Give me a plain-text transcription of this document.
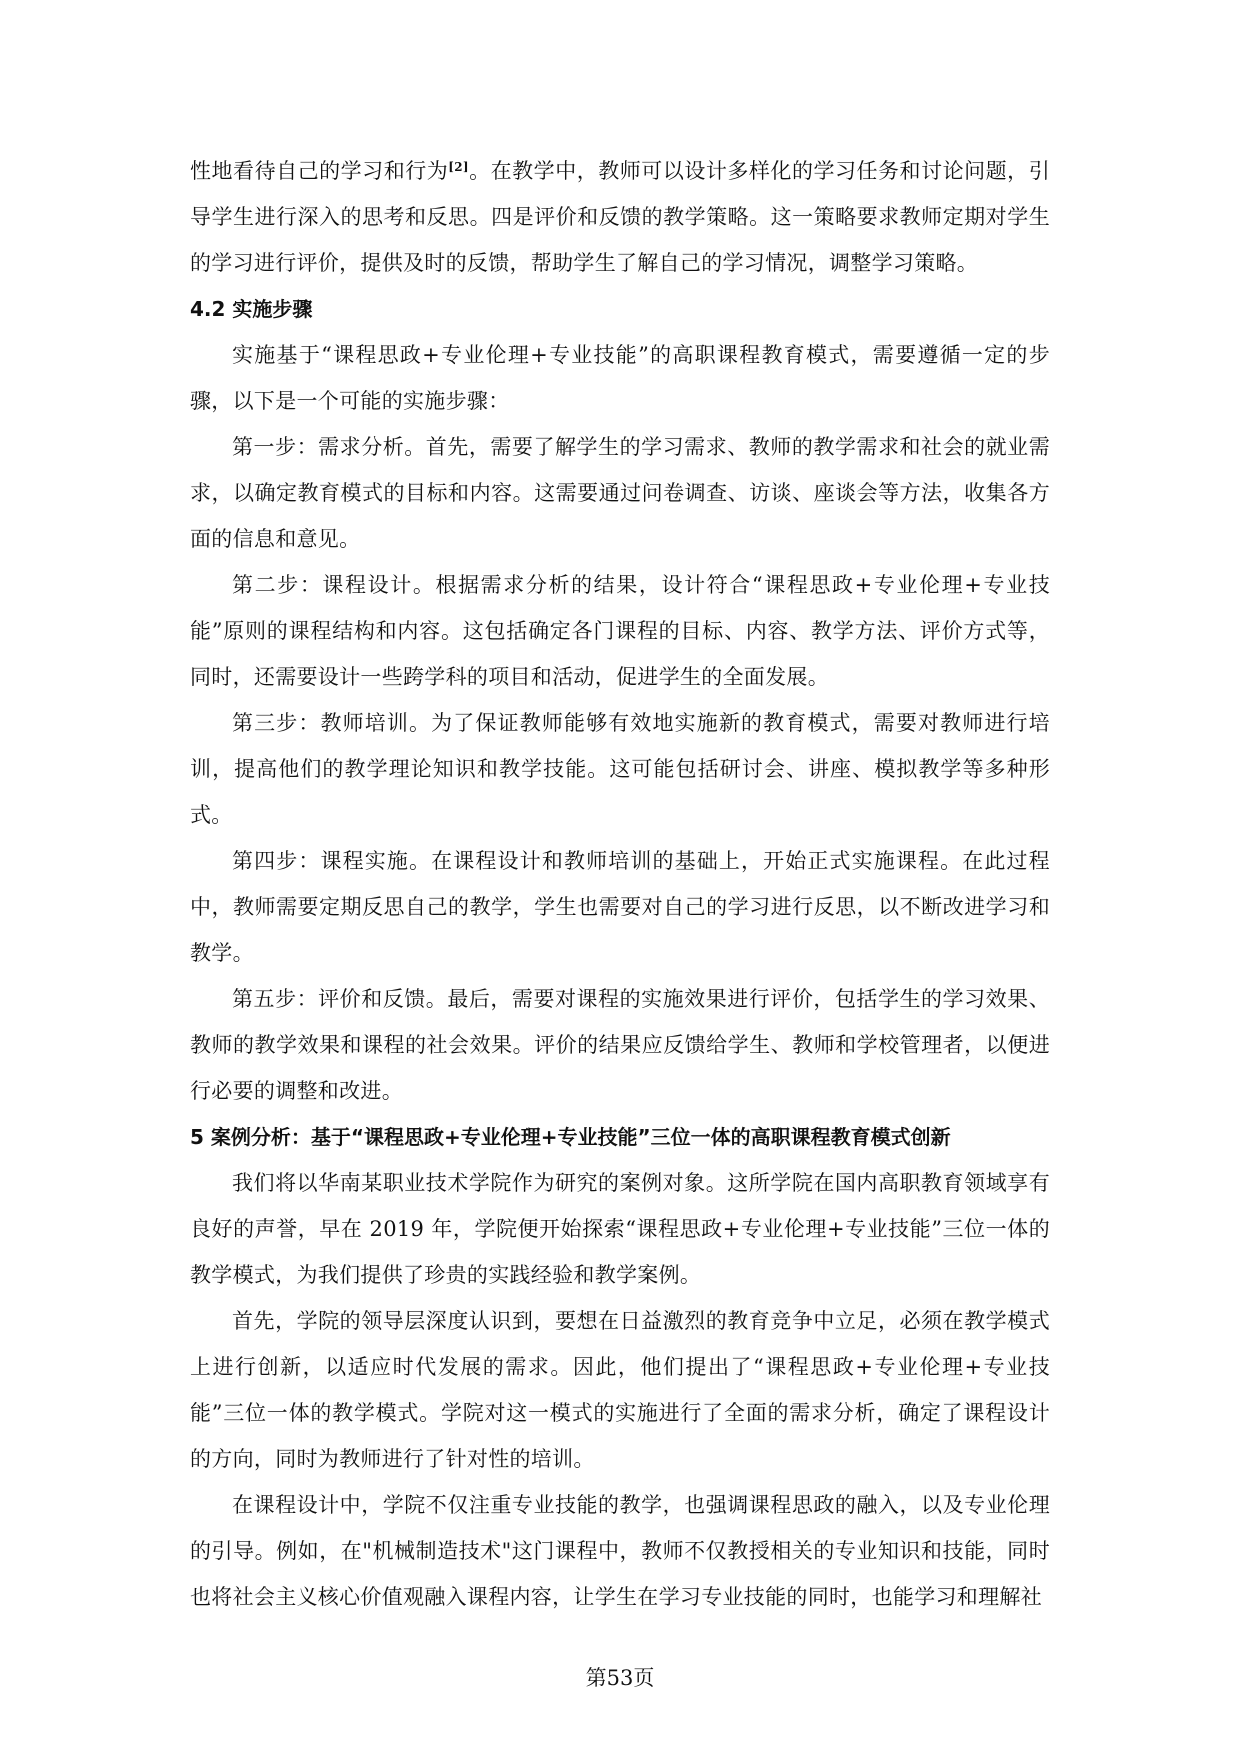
性地看待自己的学习和行为[2]。在教学中，教师可以设计多样化的学习任务和讨论问题，引导学生进行深入的思考和反思。四是评价和反馈的教学策略。这一策略要求教师定期对学生的学习进行评价，提供及时的反馈，帮助学生了解自己的学习情况，调整学习策略。

4.2 实施步骤

实施基于“课程思政+专业伦理+专业技能”的高职课程教育模式，需要遵循一定的步骤，以下是一个可能的实施步骤：

第一步：需求分析。首先，需要了解学生的学习需求、教师的教学需求和社会的就业需求，以确定教育模式的目标和内容。这需要通过问卷调查、访谈、座谈会等方法，收集各方面的信息和意见。

第二步：课程设计。根据需求分析的结果，设计符合“课程思政+专业伦理+专业技能”原则的课程结构和内容。这包括确定各门课程的目标、内容、教学方法、评价方式等，同时，还需要设计一些跨学科的项目和活动，促进学生的全面发展。

第三步：教师培训。为了保证教师能够有效地实施新的教育模式，需要对教师进行培训，提高他们的教学理论知识和教学技能。这可能包括研讨会、讲座、模拟教学等多种形式。

第四步：课程实施。在课程设计和教师培训的基础上，开始正式实施课程。在此过程中，教师需要定期反思自己的教学，学生也需要对自己的学习进行反思，以不断改进学习和教学。

第五步：评价和反馈。最后，需要对课程的实施效果进行评价，包括学生的学习效果、教师的教学效果和课程的社会效果。评价的结果应反馈给学生、教师和学校管理者，以便进行必要的调整和改进。

5 案例分析：基于“课程思政+专业伦理+专业技能”三位一体的高职课程教育模式创新

我们将以华南某职业技术学院作为研究的案例对象。这所学院在国内高职教育领域享有良好的声誉，早在 2019 年，学院便开始探索“课程思政+专业伦理+专业技能”三位一体的教学模式，为我们提供了珍贵的实践经验和教学案例。

首先，学院的领导层深度认识到，要想在日益激烈的教育竞争中立足，必须在教学模式上进行创新，以适应时代发展的需求。因此，他们提出了“课程思政+专业伦理+专业技能”三位一体的教学模式。学院对这一模式的实施进行了全面的需求分析，确定了课程设计的方向，同时为教师进行了针对性的培训。

在课程设计中，学院不仅注重专业技能的教学，也强调课程思政的融入，以及专业伦理的引导。例如，在"机械制造技术"这门课程中，教师不仅教授相关的专业知识和技能，同时也将社会主义核心价值观融入课程内容，让学生在学习专业技能的同时，也能学习和理解社

第53页
